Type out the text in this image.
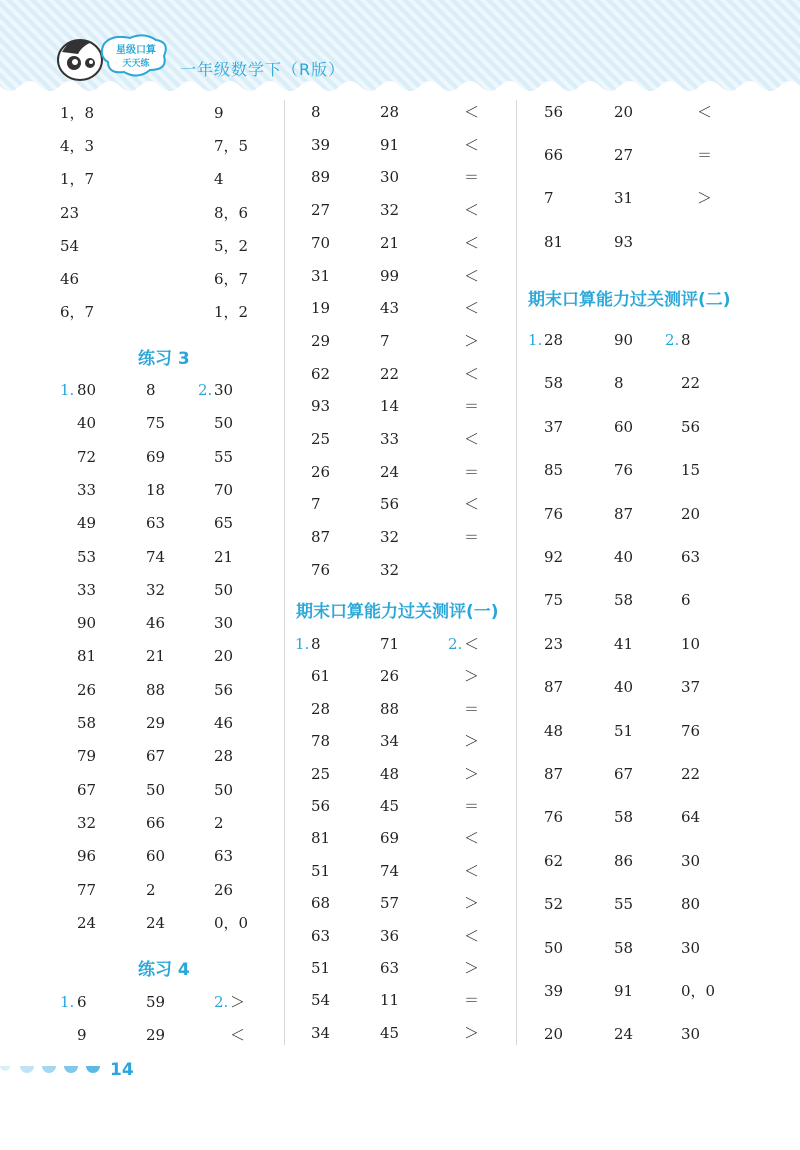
星级口算
天天练 一年级数学下（R版）
1，8	9
4，3	7，5
1，7	4
23	8，6
54	5，2
46	6，7
6，7	1，2
练习 3
1.	2.
80	8	30
40	75	50
72	69	55
33	18	70
49	63	65
53	74	21
33	32	50
90	46	30
81	21	20
26	88	56
58	29	46
79	67	28
67	50	50
32	66	2
96	60	63
77	2	26
24	24	0，0
练习 4
1.	2.
6	59	＞
9	29	＜
8	28	＜
39	91	＜
89	30	＝
27	32	＜
70	21	＜
31	99	＜
19	43	＜
29	7	＞
62	22	＜
93	14	＝
25	33	＜
26	24	＝
7	56	＜
87	32	＝
76	32
期末口算能力过关测评(一)
1.	2.
8	71	＜
61	26	＞
28	88	＝
78	34	＞
25	48	＞
56	45	＝
81	69	＜
51	74	＜
68	57	＞
63	36	＜
51	63	＞
54	11	＝
34	45	＞
56	20	＜
66	27	＝
7	31	＞
81	93
期末口算能力过关测评(二)
1.	2.
28	90	8
58	8	22
37	60	56
85	76	15
76	87	20
92	40	63
75	58	6
23	41	10
87	40	37
48	51	76
87	67	22
76	58	64
62	86	30
52	55	80
50	58	30
39	91	0，0
20	24	30
14
